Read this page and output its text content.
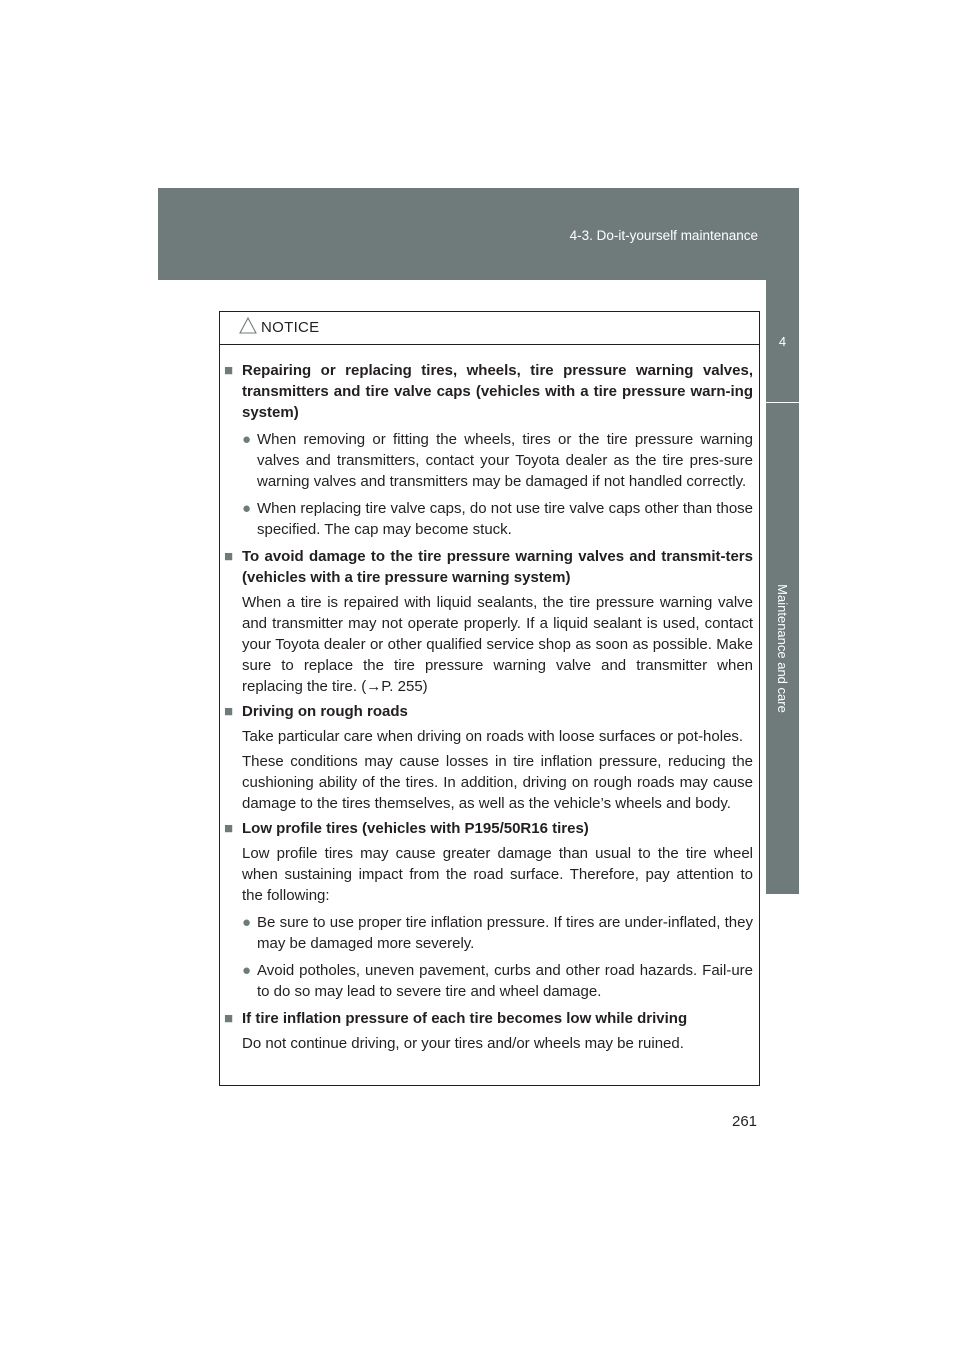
4-3. Do-it-yourself maintenance
4
Maintenance and care
NOTICE
■ Repairing or replacing tires, wheels, tire pressure warning valves, transmitters and tire valve caps (vehicles with a tire pressure warn-ing system)
● When removing or fitting the wheels, tires or the tire pressure warning valves and transmitters, contact your Toyota dealer as the tire pres-sure warning valves and transmitters may be damaged if not handled correctly.
● When replacing tire valve caps, do not use tire valve caps other than those specified. The cap may become stuck.
■ To avoid damage to the tire pressure warning valves and transmit-ters (vehicles with a tire pressure warning system)
When a tire is repaired with liquid sealants, the tire pressure warning valve and transmitter may not operate properly. If a liquid sealant is used, contact your Toyota dealer or other qualified service shop as soon as possible. Make sure to replace the tire pressure warning valve and transmitter when replacing the tire. (→P. 255)
■ Driving on rough roads
Take particular care when driving on roads with loose surfaces or pot-holes.
These conditions may cause losses in tire inflation pressure, reducing the cushioning ability of the tires. In addition, driving on rough roads may cause damage to the tires themselves, as well as the vehicle’s wheels and body.
■ Low profile tires (vehicles with P195/50R16 tires)
Low profile tires may cause greater damage than usual to the tire wheel when sustaining impact from the road surface. Therefore, pay attention to the following:
● Be sure to use proper tire inflation pressure. If tires are under-inflated, they may be damaged more severely.
● Avoid potholes, uneven pavement, curbs and other road hazards. Fail-ure to do so may lead to severe tire and wheel damage.
■ If tire inflation pressure of each tire becomes low while driving
Do not continue driving, or your tires and/or wheels may be ruined.
261
